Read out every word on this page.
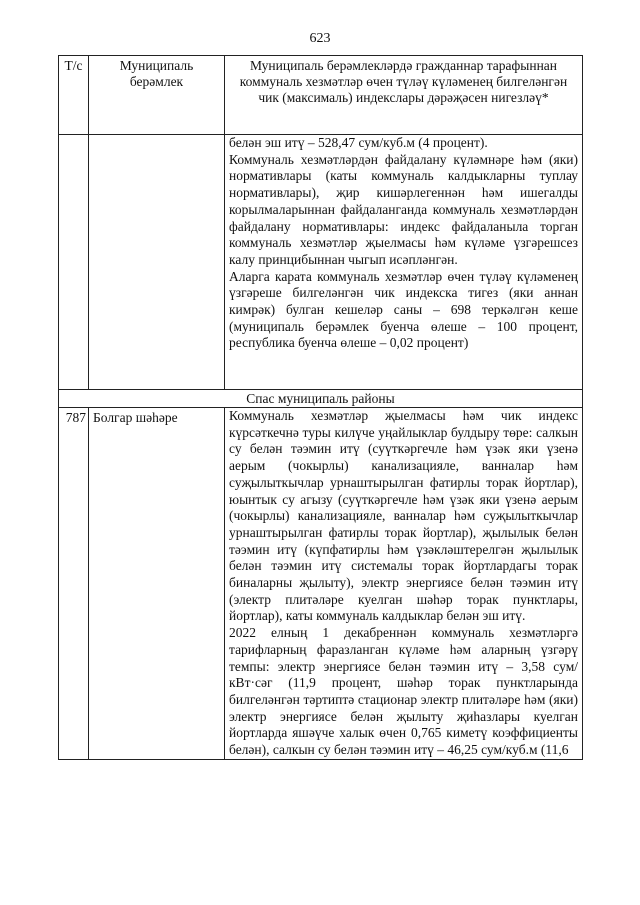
623
Т/с	Муниципаль берәмлек	Муниципаль берәмлекләрдә гражданнар тарафыннан коммуналь хезмәтләр өчен түләү күләменең билгеләнгән чик (максималь) индекслары дәрәҗәсен нигезләү*

		белән эш итү – 528,47 сум/куб.м (4 процент).

Коммуналь хезмәтләрдән файдалану күләмнәре һәм (яки) нормативлары (каты коммуналь калдыкларны туплау нормативлары), җир кишәрлегеннән һәм ишегалды корылмаларыннан файдаланганда коммуналь хезмәтләрдән файдалану нормативлары: индекс файдаланыла торган коммуналь хезмәтләр җыелмасы һәм күләме үзгәрешсез калу принцибыннан чыгып исәпләнгән.

Аларга карата коммуналь хезмәтләр өчен түләү күләменең үзгәреше билгеләнгән чик индекска тигез (яки аннан кимрәк) булган кешеләр саны – 698 теркәлгән кеше (муниципаль берәмлек буенча өлеше – 100 процент, республика буенча өлеше – 0,02 процент)

Спас муниципаль районы		
787	Болгар шәһәре	Коммуналь хезмәтләр җыелмасы һәм чик индекс күрсәткечнә туры килүче уңайлыклар булдыру төре: салкын су белән тәэмин итү (суүткәргечле һәм үзәк яки үзенә аерым (чокырлы) канализациялe, ванналар һәм суҗылыткычлар урнаштырылган фатирлы торак йортлар), юынтык су агызу (суүткәргечле һәм үзәк яки үзенә аерым (чокырлы) канализациялe, ванналар һәм суҗылыткычлар урнаштырылган фатирлы торак йортлар), җылылык белән тәэмин итү (күпфатирлы һәм үзәкләштерелгән җылылык белән тәэмин итү системалы торак йортлардагы торак биналарны җылыту), электр энергиясе белән тәэмин итү (электр плитәләре куелган шәһәр торак пунктлары, йортлар), каты коммуналь калдыклар белән эш итү.

2022 елның 1 декабреннән коммуналь хезмәтләргә тарифларның фаразланган күләме һәм аларның үзгәрү темпы: электр энергиясе белән тәэмин итү – 3,58 сум/кВт·сәг (11,9 процент, шәһәр торак пунктларында билгеләнгән тәртиптә стационар электр плитәләре һәм (яки) электр энергиясе белән җылыту җиһазлары куелган йортларда яшәүче халык өчен 0,765 киметү коэффициенты белән), салкын су белән тәэмин итү – 46,25 сум/куб.м (11,6
